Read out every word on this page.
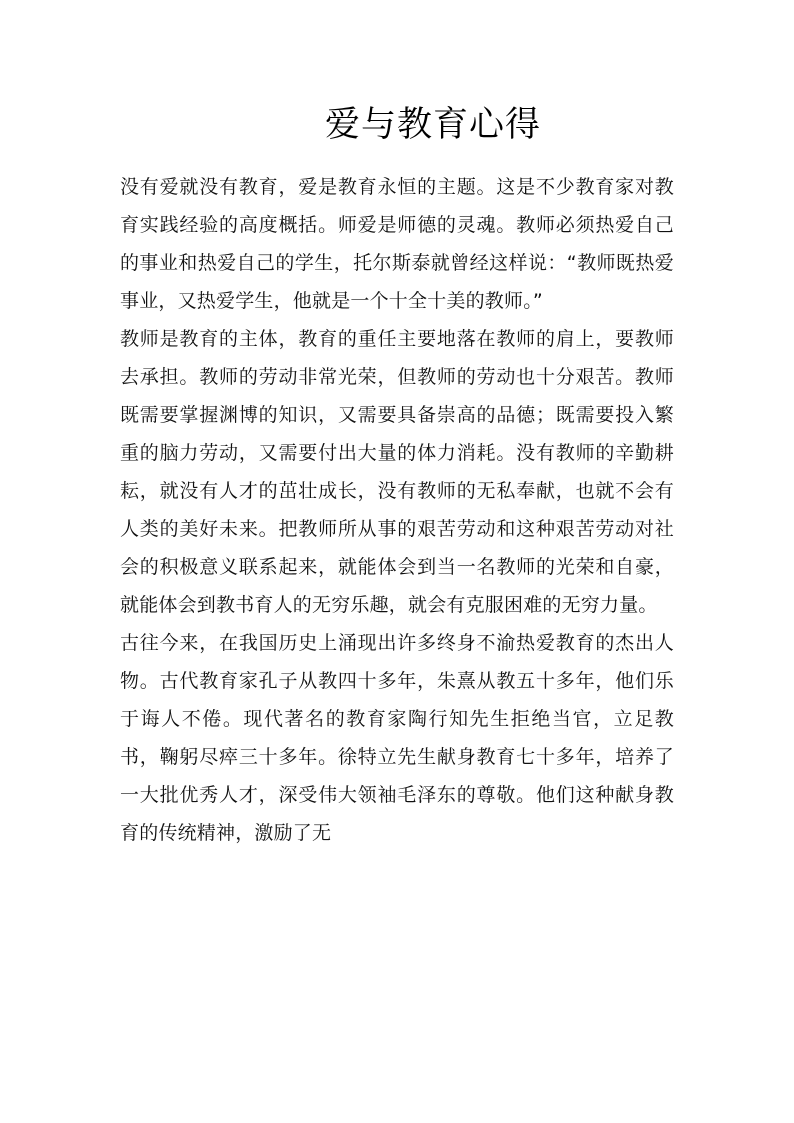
爱与教育心得

没有爱就没有教育，爱是教育永恒的主题。这是不少教育家对教育实践经验的高度概括。师爱是师德的灵魂。教师必须热爱自己的事业和热爱自己的学生，托尔斯泰就曾经这样说：“教师既热爱事业，又热爱学生，他就是一个十全十美的教师。”

教师是教育的主体，教育的重任主要地落在教师的肩上，要教师去承担。教师的劳动非常光荣，但教师的劳动也十分艰苦。教师既需要掌握渊博的知识，又需要具备崇高的品德；既需要投入繁重的脑力劳动，又需要付出大量的体力消耗。没有教师的辛勤耕耘，就没有人才的茁壮成长，没有教师的无私奉献，也就不会有人类的美好未来。把教师所从事的艰苦劳动和这种艰苦劳动对社会的积极意义联系起来，就能体会到当一名教师的光荣和自豪，就能体会到教书育人的无穷乐趣，就会有克服困难的无穷力量。

古往今来，在我国历史上涌现出许多终身不渝热爱教育的杰出人物。古代教育家孔子从教四十多年，朱熹从教五十多年，他们乐于诲人不倦。现代著名的教育家陶行知先生拒绝当官，立足教书，鞠躬尽瘁三十多年。徐特立先生献身教育七十多年，培养了一大批优秀人才，深受伟大领袖毛泽东的尊敬。他们这种献身教育的传统精神，激励了无
